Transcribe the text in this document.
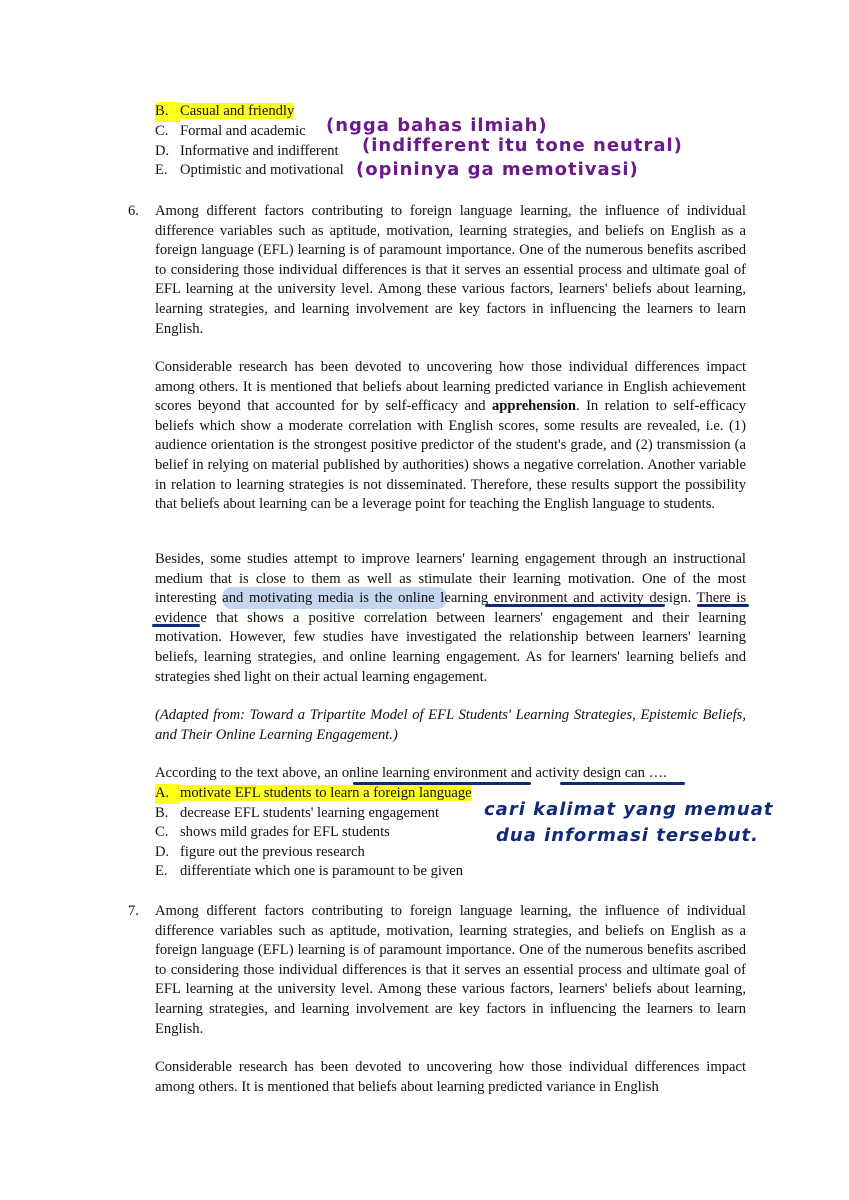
B. Casual and friendly
C. Formal and academic
D. Informative and indifferent
E. Optimistic and motivational
(ngga bahas ilmiah)
(indifferent itu tone neutral)
(opininya ga memotivasi)
6. Among different factors contributing to foreign language learning, the influence of individual difference variables such as aptitude, motivation, learning strategies, and beliefs on English as a foreign language (EFL) learning is of paramount importance. One of the numerous benefits ascribed to considering those individual differences is that it serves an essential process and ultimate goal of EFL learning at the university level. Among these various factors, learners' beliefs about learning, learning strategies, and learning involvement are key factors in influencing the learners to learn English.

Considerable research has been devoted to uncovering how those individual differences impact among others. It is mentioned that beliefs about learning predicted variance in English achievement scores beyond that accounted for by self-efficacy and apprehension. In relation to self-efficacy beliefs which show a moderate correlation with English scores, some results are revealed, i.e. (1) audience orientation is the strongest positive predictor of the student's grade, and (2) transmission (a belief in relying on material published by authorities) shows a negative correlation. Another variable in relation to learning strategies is not disseminated. Therefore, these results support the possibility that beliefs about learning can be a leverage point for teaching the English language to students.

Besides, some studies attempt to improve learners' learning engagement through an instructional medium that is close to them as well as stimulate their learning motivation. One of the most interesting and motivating media is the online learning environment and activity design. There is evidence that shows a positive correlation between learners' engagement and their learning motivation. However, few studies have investigated the relationship between learners' learning beliefs, learning strategies, and online learning engagement. As for learners' learning beliefs and strategies shed light on their actual learning engagement.

(Adapted from: Toward a Tripartite Model of EFL Students' Learning Strategies, Epistemic Beliefs, and Their Online Learning Engagement.)

According to the text above, an online learning environment and activity design can ….
A. motivate EFL students to learn a foreign language
B. decrease EFL students' learning engagement
C. shows mild grades for EFL students
D. figure out the previous research
E. differentiate which one is paramount to be given
cari kalimat yang memuat
dua informasi tersebut.
7. Among different factors contributing to foreign language learning, the influence of individual difference variables such as aptitude, motivation, learning strategies, and beliefs on English as a foreign language (EFL) learning is of paramount importance. One of the numerous benefits ascribed to considering those individual differences is that it serves an essential process and ultimate goal of EFL learning at the university level. Among these various factors, learners' beliefs about learning, learning strategies, and learning involvement are key factors in influencing the learners to learn English.

Considerable research has been devoted to uncovering how those individual differences impact among others. It is mentioned that beliefs about learning predicted variance in English
